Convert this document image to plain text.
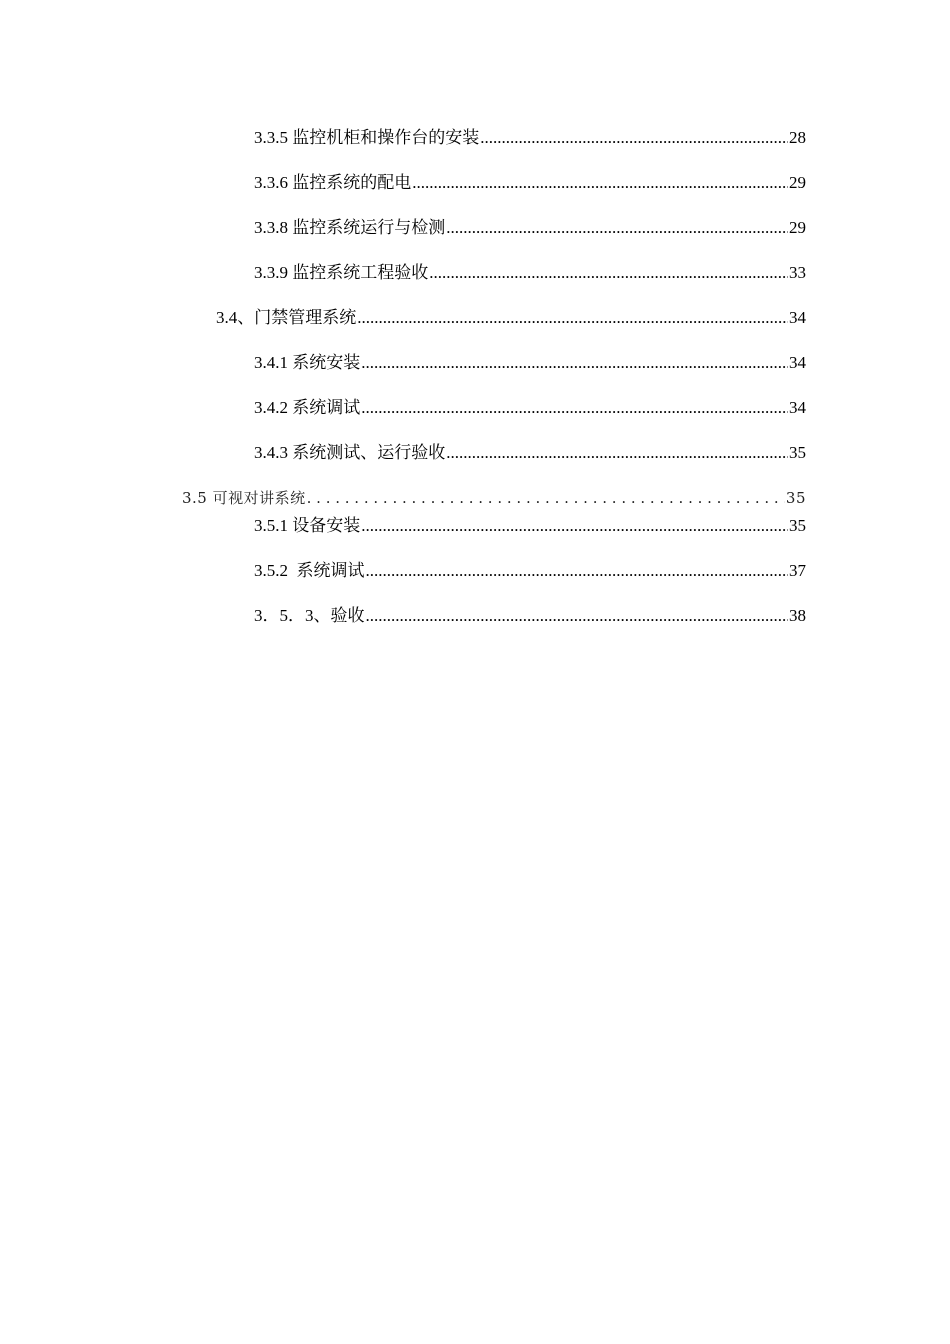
3.3.5 监控机柜和操作台的安装 .....	28
3.3.6 监控系统的配电 .....	29
3.3.8 监控系统运行与检测 .....	29
3.3.9 监控系统工程验收 .....	33
3.4、门禁管理系统 .....	34
3.4.1 系统安装 .....	34
3.4.2 系统调试 .....	34
3.4.3 系统测试、运行验收 .....	35
3.5 可视对讲系统 . . .	35
3.5.1 设备安装 .....	35
3.5.2  系统调试 .....	37
3．5．3、验收 .....	38
